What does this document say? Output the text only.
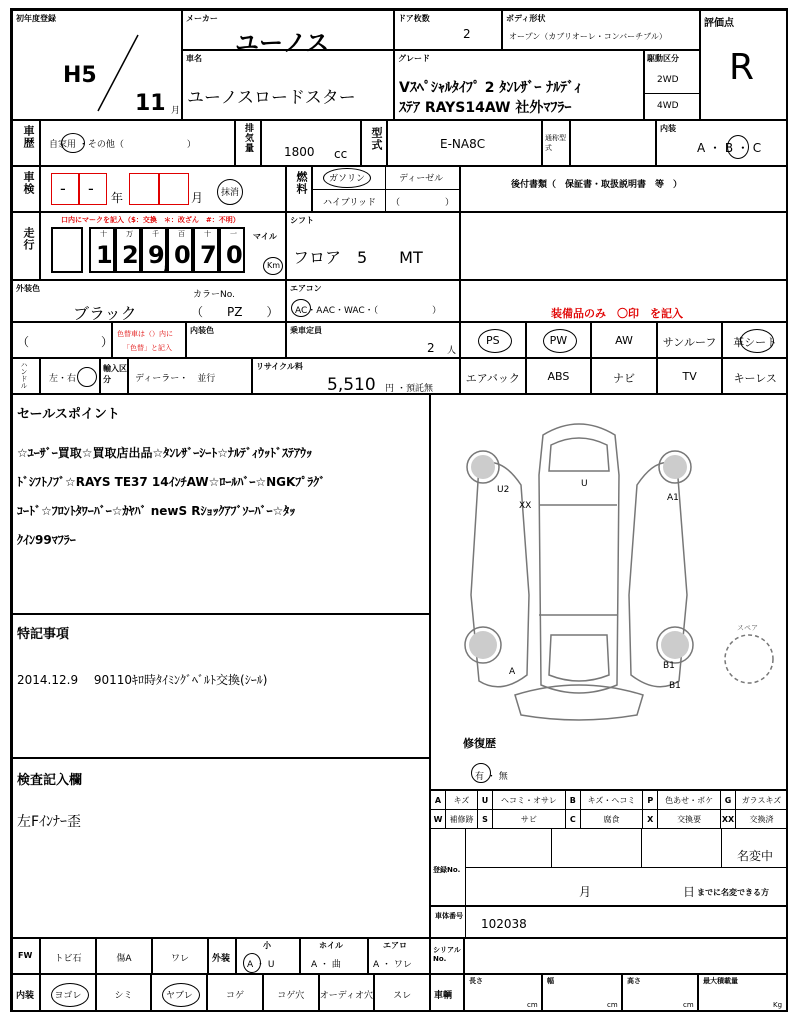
初年度登録
H5
11 月
メーカー
ユーノス
ドア枚数
2
ボディ形状
オープン（カブリオーレ・コンバーチブル）
評価点
R
車名
ユーノスロードスター
グレード
Vｽﾍﾟｼｬﾙﾀｲﾌﾟ 2 ﾀﾝﾚｻﾞｰ ﾅﾙﾃﾞｨ
ｽﾃｱ RAYS14AW 社外ﾏﾌﾗｰ
駆動区分
2WD
4WD
車歴 自家用 ・その他（　　　　　　　）	排気量	1800 cc
型式	E-NA8C	通称型式
内装
A ・ B ・ C
車検 - - 年	月 抹消	燃料 ガソリン	ディーゼル
ハイブリッド （　　　　　）
後付書類（　保証書・取扱説明書　等　）
走行
口内にマークを記入（$：交換　＊：改ざん　#：不明）
十
1
万
2
千
9
百
0
十
7
一
0
,
マイル
Km
シフト
フロア　5　　MT
外装色
ブラック
カラーNo.
（　　PZ　　）
エアコン
AC・AAC・WAC・（　　　　　　）	装備品のみ　〇印　を記入
（　　　　　　）
色替車は（）内に
「色替」と記入
内装色	乗車定員
2 人
PS	PW	AW	サンルーフ	革シート
ハンドル 左・右
輸入区分	ディーラー・　並行
リサイクル料
5,510 円 ・預託無
エアバック	ABS	ナビ	TV	キーレス
セールスポイント
☆ﾕｰｻﾞｰ買取☆買取店出品☆ﾀﾝﾚｻﾞｰｼｰﾄ☆ﾅﾙﾃﾞｨｳｯﾄﾞｽﾃｱｳｯ
ﾄﾞｼﾌﾄﾉﾌﾞ☆RAYS TE37 14ｲﾝﾁAW☆ﾛｰﾙﾊﾞｰ☆NGKﾌﾟﾗｸﾞ
ｺｰﾄﾞ☆ﾌﾛﾝﾄﾀﾜｰﾊﾞｰ☆ｶﾔﾊﾞ newS Rｼｮｯｸｱﾌﾞｿｰﾊﾞｰ☆ﾀｯ
ｸｲﾝ99ﾏﾌﾗｰ
特記事項
2014.12.9　 90110ｷﾛ時ﾀｲﾐﾝｸﾞﾍﾞﾙﾄ交換(ｼｰﾙ)
検査記入欄
左Fｲﾝﾅｰ歪
U2
XX
U
A1
A
B1
B1
スペア
修復歴
有 ・ 無
A	キズ	U	ヘコミ・オサレ	B	キズ・ヘコミ	P	色あせ・ボケ	G	ガラスキズ
W	補修跡	S	サビ	C	腐食	X	交換要	XX	交換済
登録No.
名変中
月	日 までに名変できる方
車体番号
102038
FW	トビ石	傷A	ワレ	外装
小
A ・ U
ホイル
A ・ 曲
エアロ
A ・ ワレ
シリアルNo.
内装	ヨゴレ	シミ	ヤブレ	コゲ	コゲ穴	オーディオ穴	スレ	車輌
長さ
cm
幅
cm
高さ
cm
最大積載量
Kg
